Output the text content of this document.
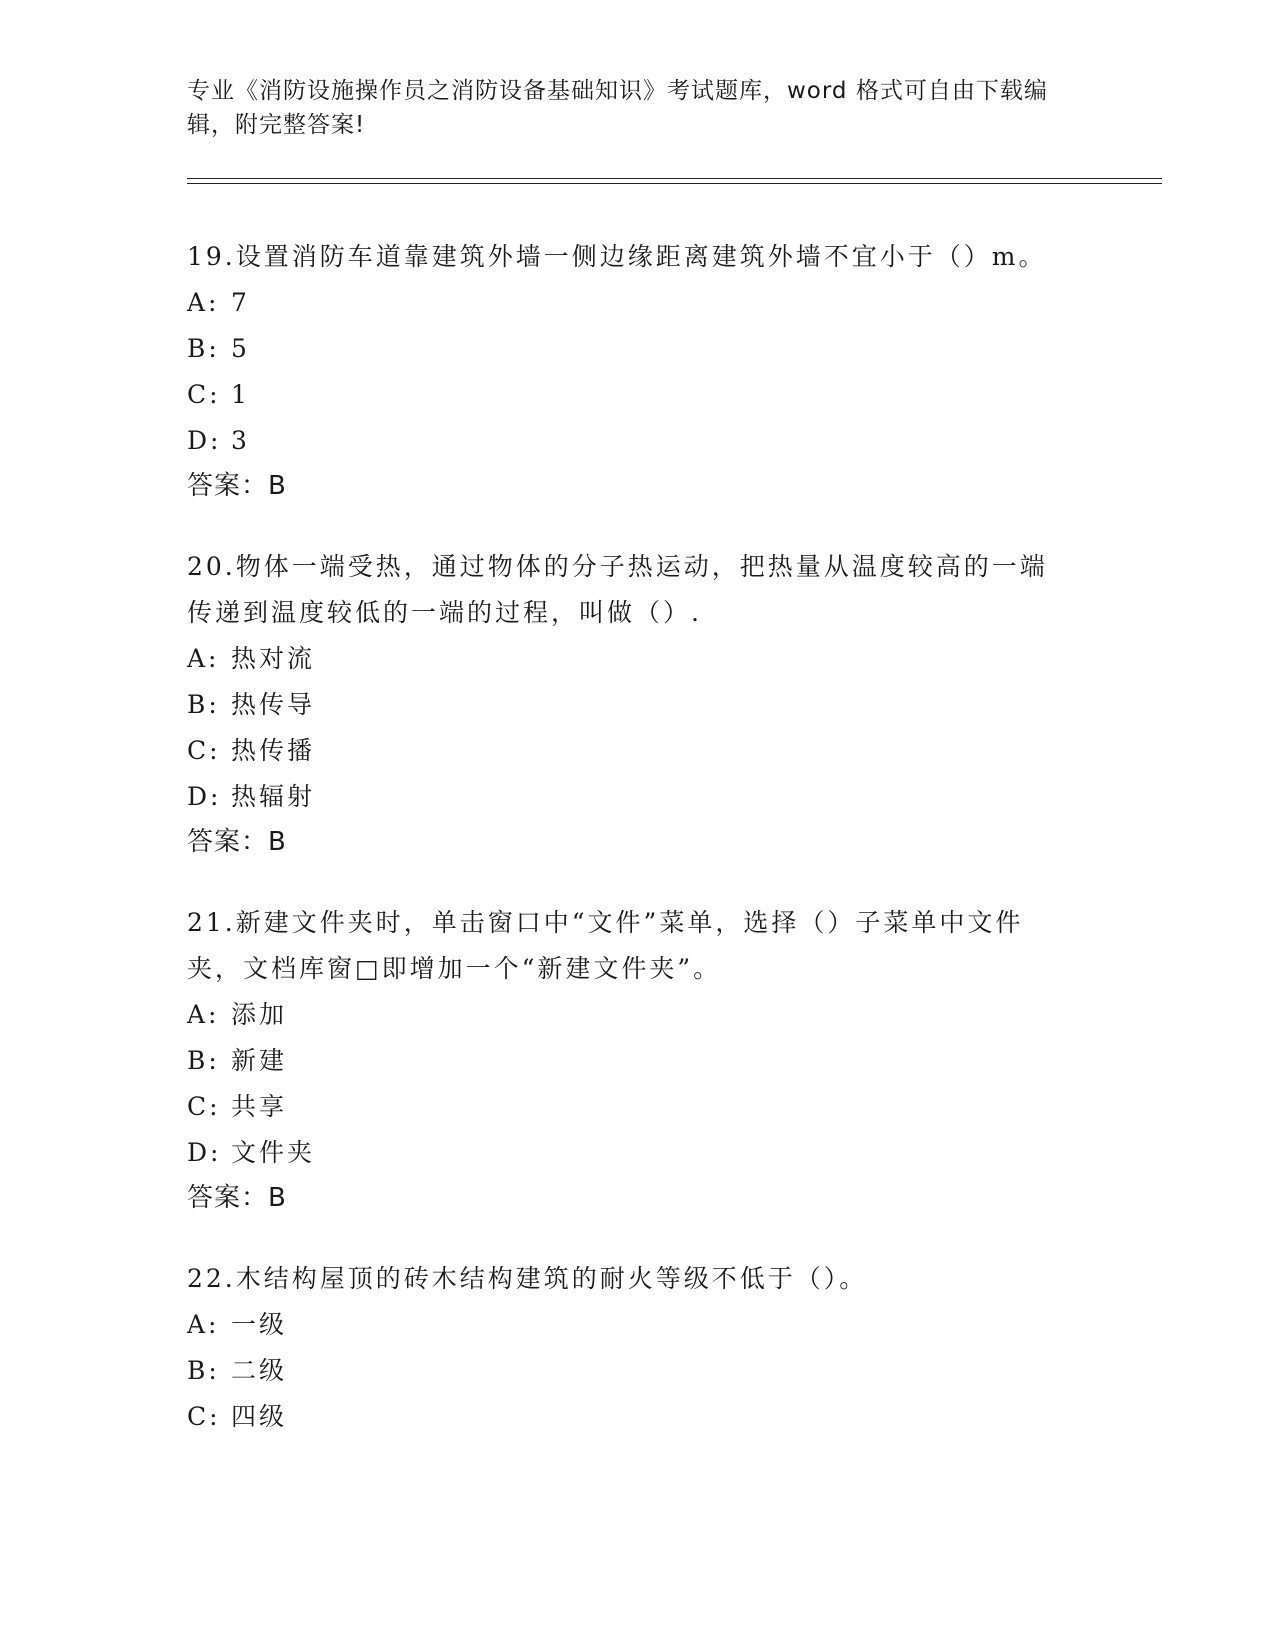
专业《消防设施操作员之消防设备基础知识》考试题库，word 格式可自由下载编
辑，附完整答案!
19.设置消防车道靠建筑外墙一侧边缘距离建筑外墙不宜小于（）m。
A: 7
B: 5
C: 1
D: 3
答案：B
20.物体一端受热，通过物体的分子热运动，把热量从温度较高的一端
传递到温度较低的一端的过程，叫做（）.
A: 热对流
B: 热传导
C: 热传播
D: 热辐射
答案：B
21.新建文件夹时，单击窗口中“文件”菜单，选择（）子菜单中文件
夹，文档库窗□即增加一个“新建文件夹”。
A: 添加
B: 新建
C: 共享
D: 文件夹
答案：B
22.木结构屋顶的砖木结构建筑的耐火等级不低于（）。
A: 一级
B: 二级
C: 四级
